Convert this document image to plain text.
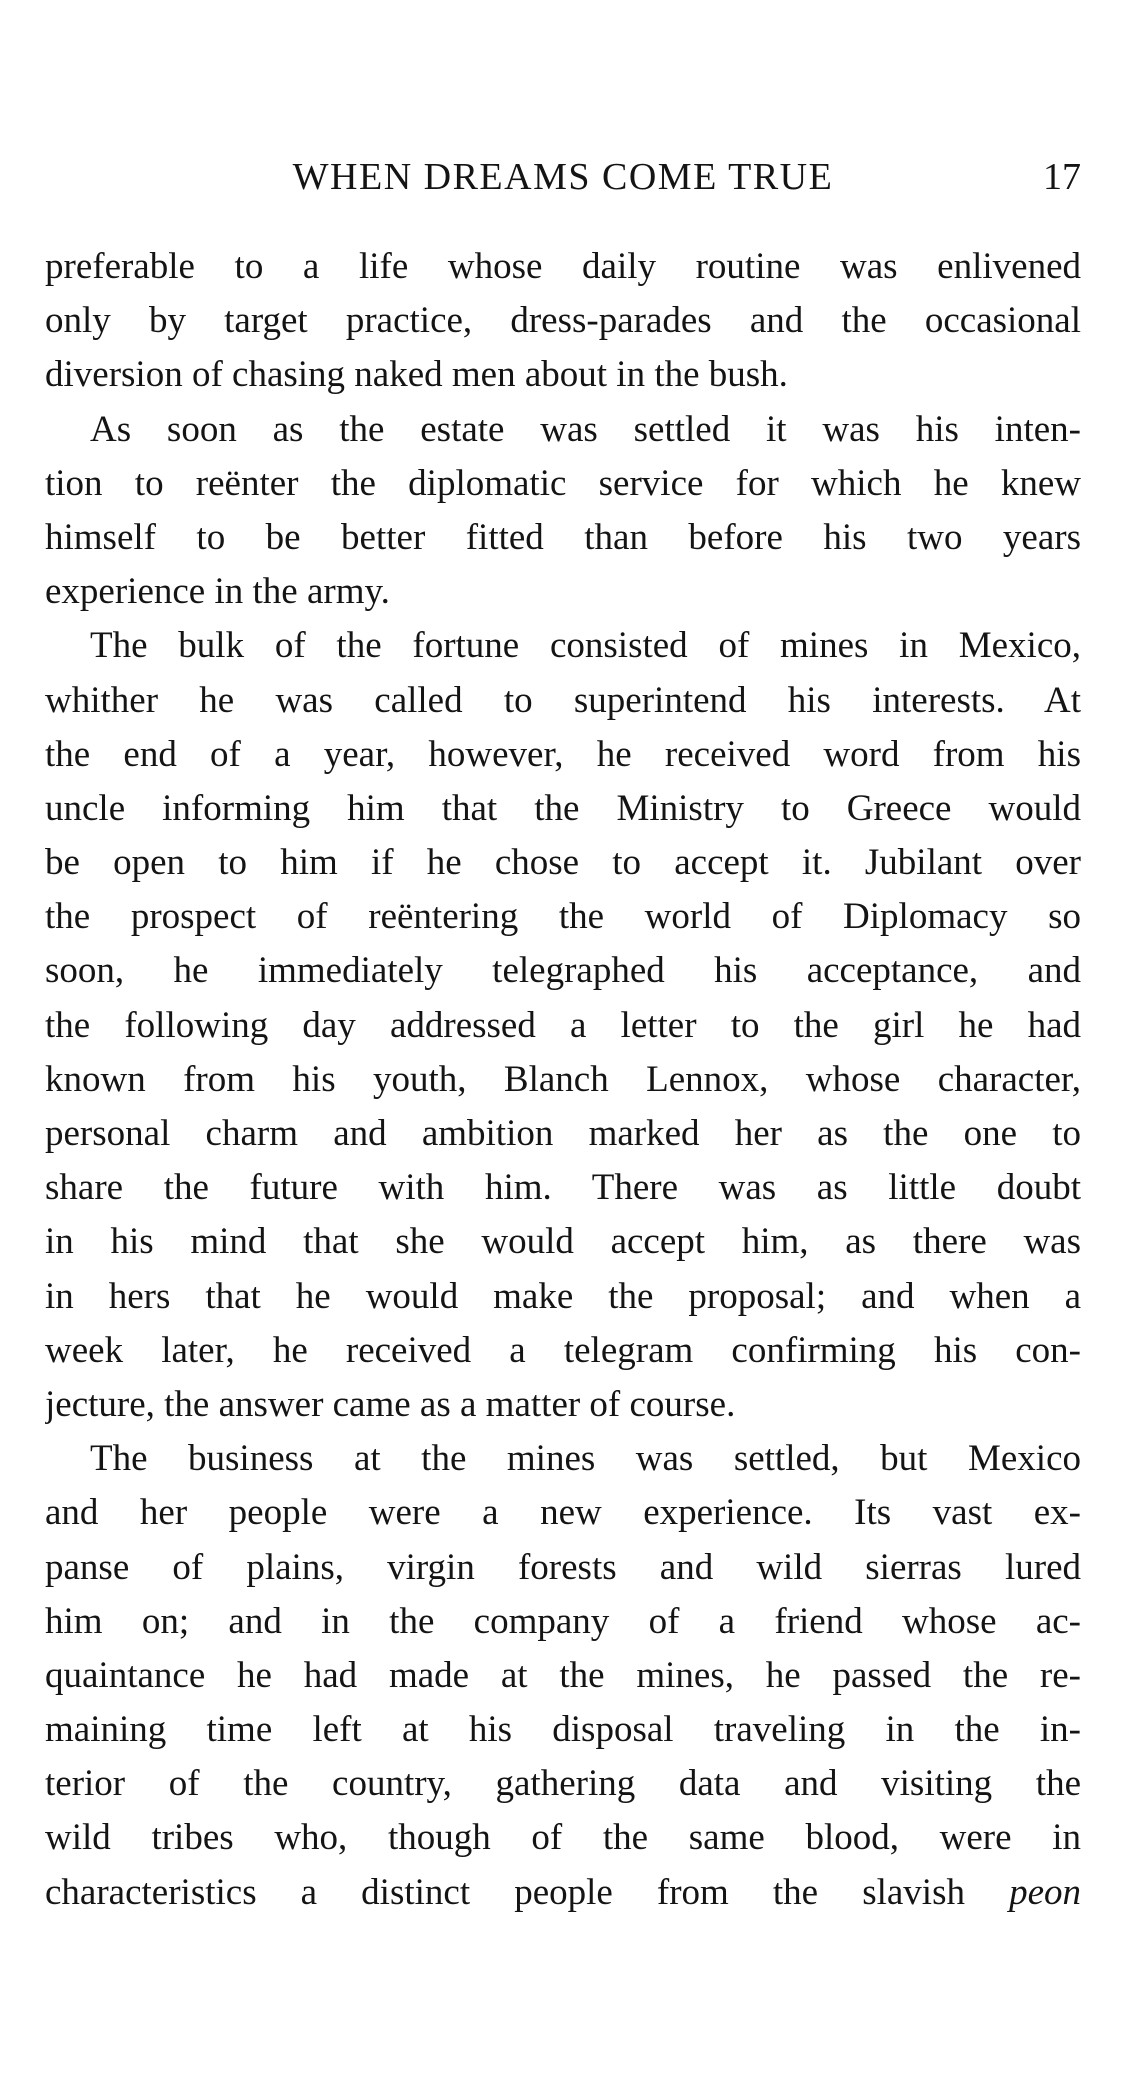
WHEN DREAMS COME TRUE	17
preferable to a life whose daily routine was enlivened
only by target practice, dress-parades and the occasional
diversion of chasing naked men about in the bush.
As soon as the estate was settled it was his inten-
tion to reënter the diplomatic service for which he knew
himself to be better fitted than before his two years
experience in the army.
The bulk of the fortune consisted of mines in Mexico,
whither he was called to superintend his interests. At
the end of a year, however, he received word from his
uncle informing him that the Ministry to Greece would
be open to him if he chose to accept it. Jubilant over
the prospect of reëntering the world of Diplomacy so
soon, he immediately telegraphed his acceptance, and
the following day addressed a letter to the girl he had
known from his youth, Blanch Lennox, whose character,
personal charm and ambition marked her as the one to
share the future with him. There was as little doubt
in his mind that she would accept him, as there was
in hers that he would make the proposal; and when a
week later, he received a telegram confirming his con-
jecture, the answer came as a matter of course.
The business at the mines was settled, but Mexico
and her people were a new experience. Its vast ex-
panse of plains, virgin forests and wild sierras lured
him on; and in the company of a friend whose ac-
quaintance he had made at the mines, he passed the re-
maining time left at his disposal traveling in the in-
terior of the country, gathering data and visiting the
wild tribes who, though of the same blood, were in
characteristics a distinct people from the slavish peon
